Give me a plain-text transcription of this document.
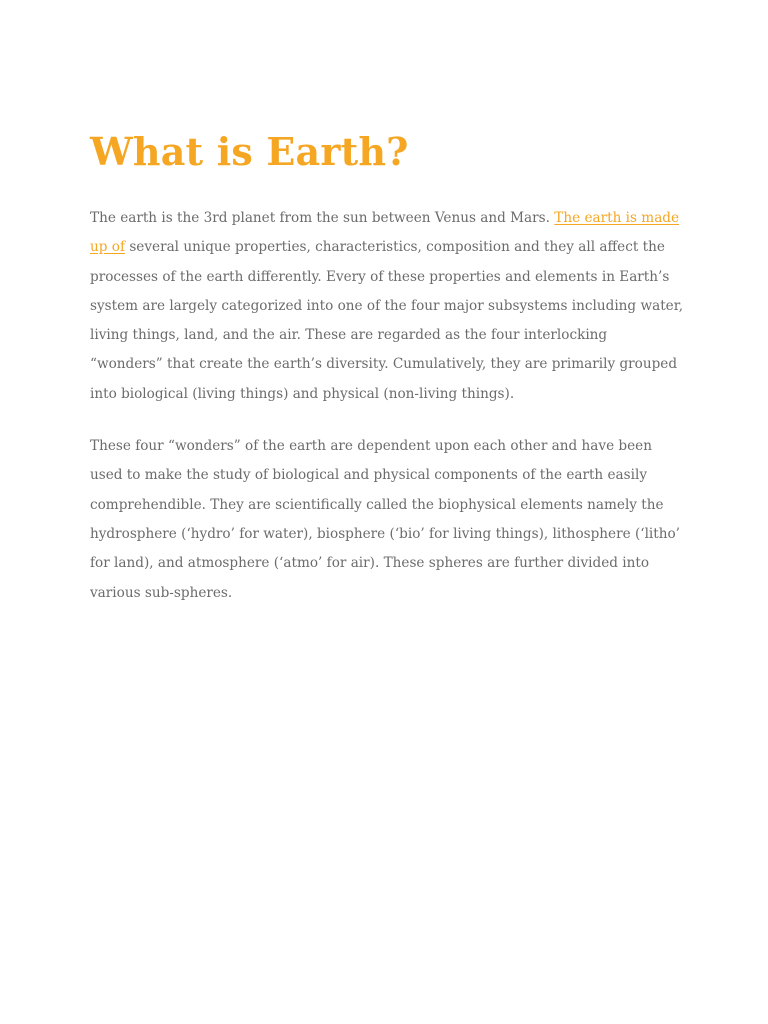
What is Earth?

The earth is the 3rd planet from the sun between Venus and Mars. The earth is made up of several unique properties, characteristics, composition and they all affect the processes of the earth differently. Every of these properties and elements in Earth’s system are largely categorized into one of the four major subsystems including water, living things, land, and the air. These are regarded as the four interlocking “wonders” that create the earth’s diversity. Cumulatively, they are primarily grouped into biological (living things) and physical (non-living things).

These four “wonders” of the earth are dependent upon each other and have been used to make the study of biological and physical components of the earth easily comprehendible. They are scientifically called the biophysical elements namely the hydrosphere (‘hydro’ for water), biosphere (‘bio’ for living things), lithosphere (‘litho’ for land), and atmosphere (‘atmo’ for air). These spheres are further divided into various sub-spheres.
